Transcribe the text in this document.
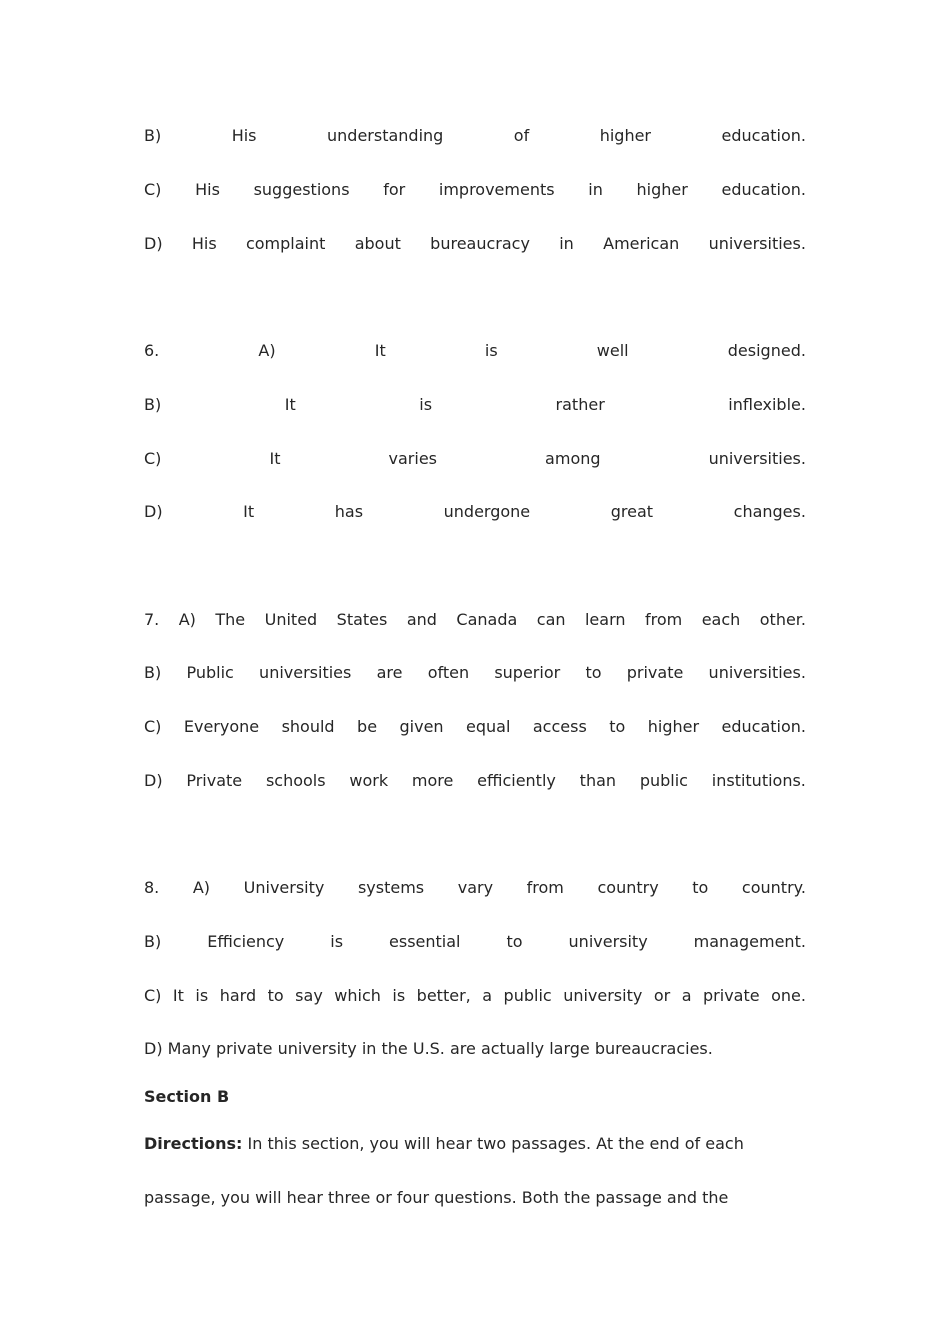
B)	His	understanding	of	higher	education.
C) His suggestions for improvements in higher education.
D) His complaint about bureaucracy in American universities.
6.	A)	It	is	well	designed.
B)	It	is	rather	inflexible.
C)	It	varies	among	universities.
D)	It	has	undergone	great	changes.
7. A) The United States and Canada can learn from each other.
B) Public universities are often superior to private universities.
C) Everyone should be given equal access to higher education.
D) Private schools work more efficiently than public institutions.
8. A) University systems vary from country to country.
B)	Efficiency	is	essential	to	university	management.
C) It is hard to say which is better, a public university or a private one.
D) Many private university in the U.S. are actually large bureaucracies.
Section B
Directions: In this section, you will hear two passages. At the end of each
passage, you will hear three or four questions. Both the passage and the
